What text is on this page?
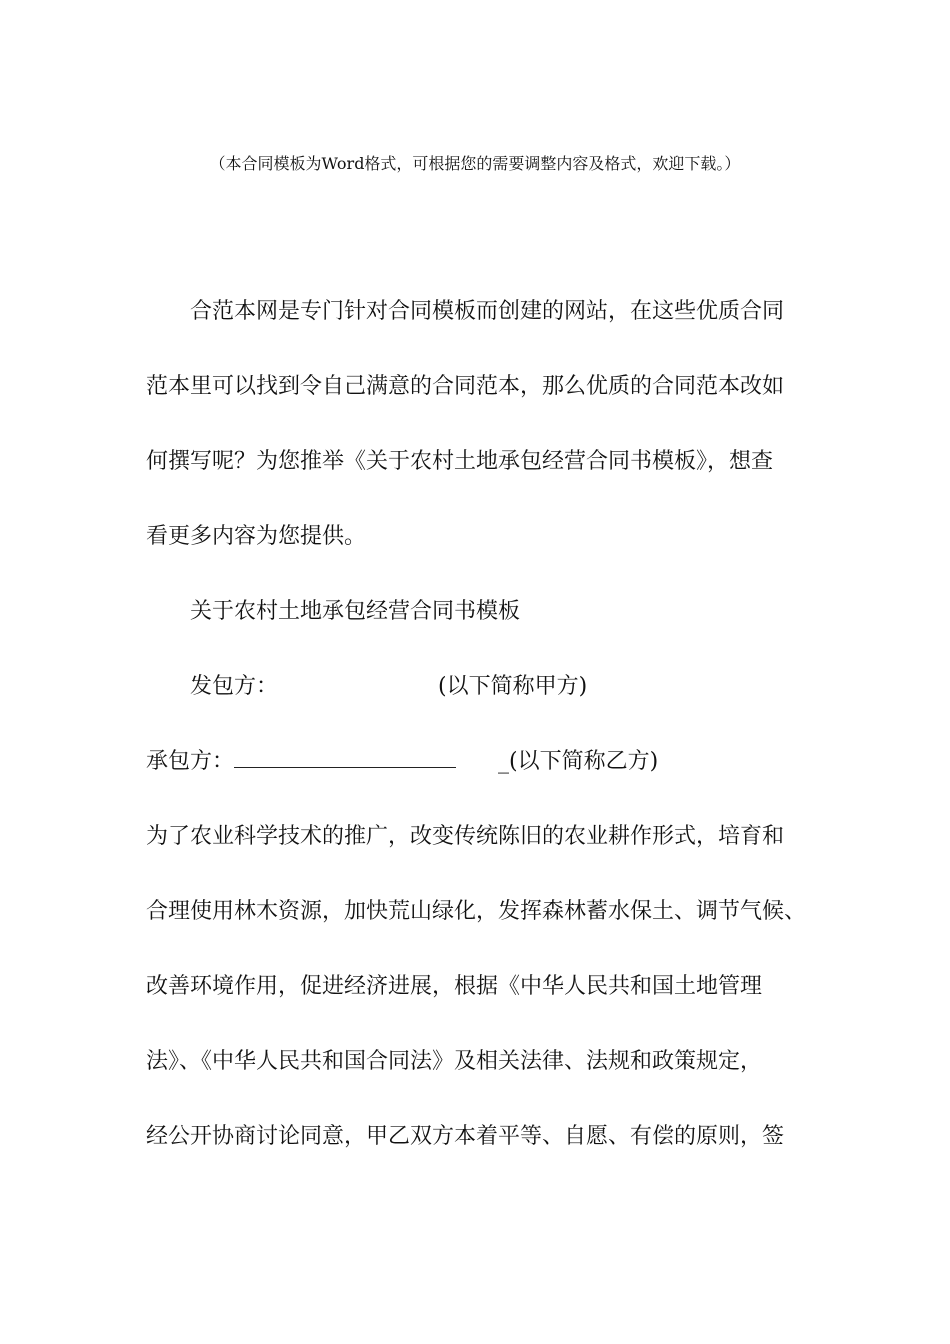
（本合同模板为Word格式，可根据您的需要调整内容及格式，欢迎下载。）
合范本网是专门针对合同模板而创建的网站，在这些优质合同
范本里可以找到令自己满意的合同范本，那么优质的合同范本改如
何撰写呢？为您推举《关于农村土地承包经营合同书模板》，想查
看更多内容为您提供。
关于农村土地承包经营合同书模板
发包方：	(以下简称甲方)
承包方：	_(以下简称乙方)
为了农业科学技术的推广，改变传统陈旧的农业耕作形式，培育和
合理使用林木资源，加快荒山绿化，发挥森林蓄水保土、调节气候、
改善环境作用，促进经济进展，根据《中华人民共和国土地管理
法》、《中华人民共和国合同法》及相关法律、法规和政策规定，
经公开协商讨论同意，甲乙双方本着平等、自愿、有偿的原则，签
